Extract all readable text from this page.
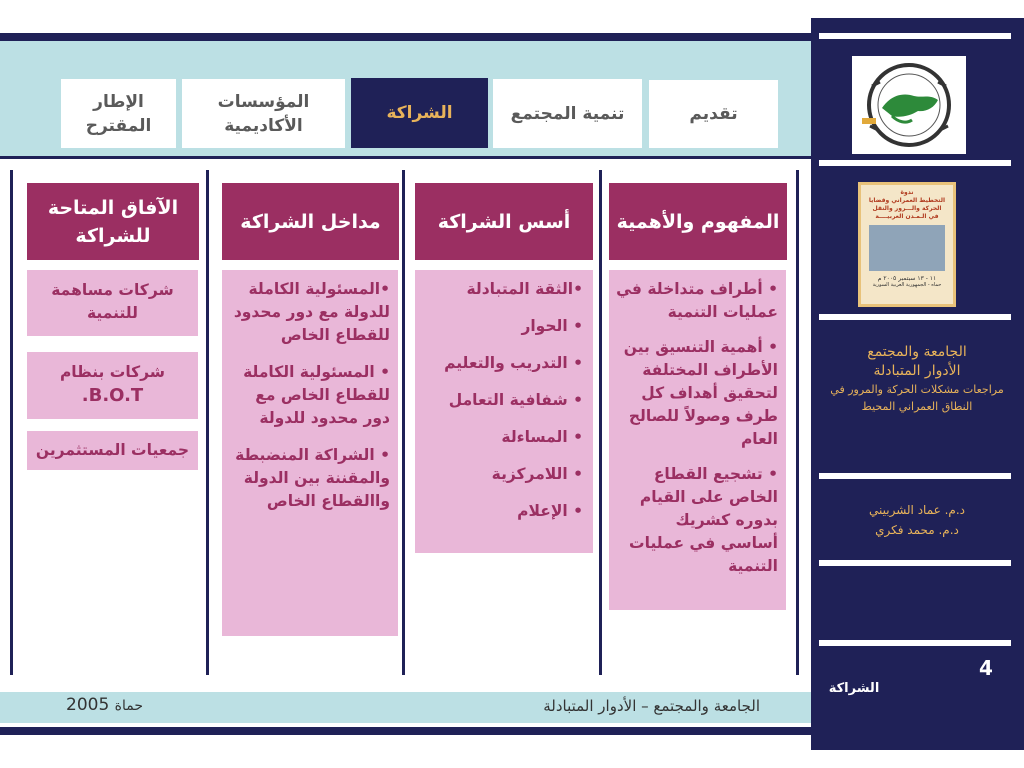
تقديم
تنمية المجتمع
الشراكة
المؤسسات الأكاديمية
الإطار المقترح
المفهوم والأهمية

• أطراف متداخلة في عمليات التنمية

• أهمية التنسيق بين الأطراف المختلفة لتحقيق أهداف كل طرف وصولاً للصالح العام

• تشجيع القطاع الخاص على القيام بدوره كشريك أساسي في عمليات التنمية

أسس الشراكة

•الثقة المتبادلة

• الحوار

• التدريب والتعليم

• شفافية التعامل

• المساءلة

• اللامركزية

• الإعلام

مداخل الشراكة

•المسئولية الكاملة للدولة مع دور محدود للقطاع الخاص

• المسئولية الكاملة للقطاع الخاص مع دور محدود للدولة

• الشراكة المنضبطة والمقننة بين الدولة واالقطاع الخاص

الآفاق المتاحة للشراكة

شركات مساهمة

للتنمية

شركات بنظام

B.O.T.

جمعيات المستثمرين

الجامعة والمجتمع – الأدوار المتبادلة
2005 حماة
ندوة
التخطيط العمراني وقضايا
الحركة والـــرور والنقل
في الـمـدن العربيــــة
١١ - ١٣ سبتمبر ٢٠٠٥ م
حماه - الجمهورية العربية السورية
الجامعة والمجتمع
الأدوار المتبادلة
مراجعات مشكلات الحركة والمرور في النطاق العمراني المحيط
د.م. عماد الشربيني
د.م. محمد فكري
4
الشراكة
